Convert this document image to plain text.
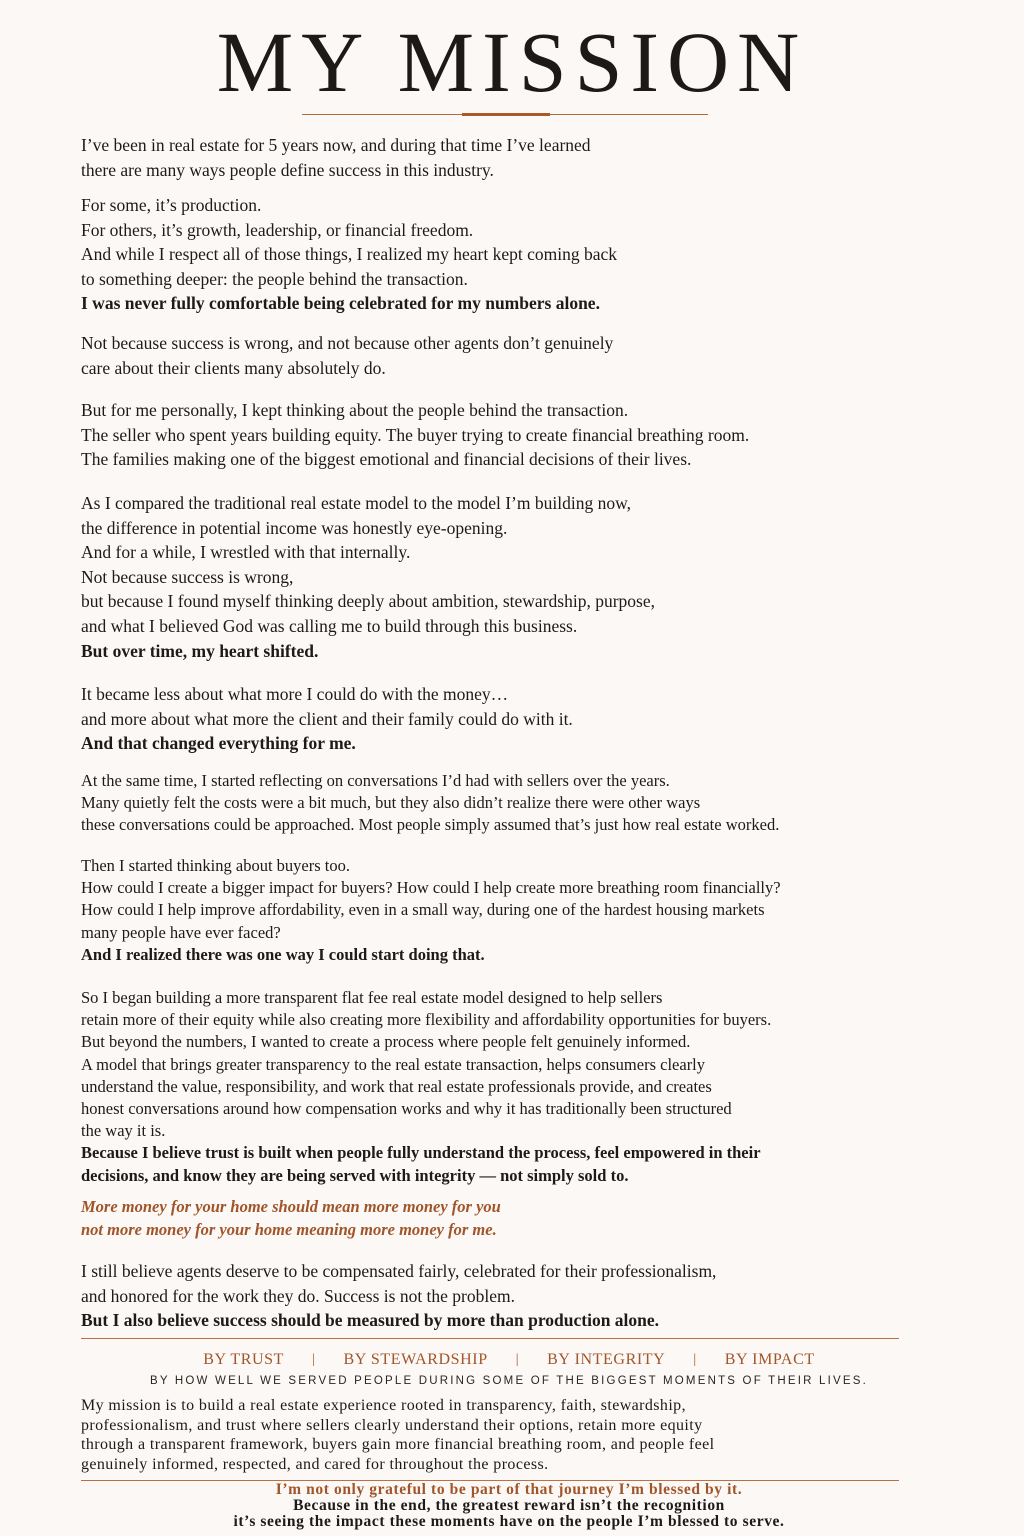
MY MISSION

I’ve been in real estate for 5 years now, and during that time I’ve learned
there are many ways people define success in this industry.

For some, it’s production.
For others, it’s growth, leadership, or financial freedom.
And while I respect all of those things, I realized my heart kept coming back
to something deeper: the people behind the transaction.
I was never fully comfortable being celebrated for my numbers alone.

Not because success is wrong, and not because other agents don’t genuinely
care about their clients many absolutely do.

But for me personally, I kept thinking about the people behind the transaction.
The seller who spent years building equity. The buyer trying to create financial breathing room.
The families making one of the biggest emotional and financial decisions of their lives.

As I compared the traditional real estate model to the model I’m building now,
the difference in potential income was honestly eye-opening.
And for a while, I wrestled with that internally.
Not because success is wrong,
but because I found myself thinking deeply about ambition, stewardship, purpose,
and what I believed God was calling me to build through this business.
But over time, my heart shifted.

It became less about what more I could do with the money…
and more about what more the client and their family could do with it.
And that changed everything for me.

At the same time, I started reflecting on conversations I’d had with sellers over the years.
Many quietly felt the costs were a bit much, but they also didn’t realize there were other ways
these conversations could be approached. Most people simply assumed that’s just how real estate worked.

Then I started thinking about buyers too.
How could I create a bigger impact for buyers? How could I help create more breathing room financially?
How could I help improve affordability, even in a small way, during one of the hardest housing markets
many people have ever faced?
And I realized there was one way I could start doing that.

So I began building a more transparent flat fee real estate model designed to help sellers
retain more of their equity while also creating more flexibility and affordability opportunities for buyers.
But beyond the numbers, I wanted to create a process where people felt genuinely informed.
A model that brings greater transparency to the real estate transaction, helps consumers clearly
understand the value, responsibility, and work that real estate professionals provide, and creates
honest conversations around how compensation works and why it has traditionally been structured
the way it is.
Because I believe trust is built when people fully understand the process, feel empowered in their
decisions, and know they are being served with integrity — not simply sold to.

More money for your home should mean more money for you
not more money for your home meaning more money for me.

I still believe agents deserve to be compensated fairly, celebrated for their professionalism,
and honored for the work they do. Success is not the problem.
But I also believe success should be measured by more than production alone.

BY TRUST	|	BY STEWARDSHIP	|	BY INTEGRITY	|	BY IMPACT
BY HOW WELL WE SERVED PEOPLE DURING SOME OF THE BIGGEST MOMENTS OF THEIR LIVES.

My mission is to build a real estate experience rooted in transparency, faith, stewardship,
professionalism, and trust where sellers clearly understand their options, retain more equity
through a transparent framework, buyers gain more financial breathing room, and people feel
genuinely informed, respected, and cared for throughout the process.

I’m not only grateful to be part of that journey I’m blessed by it.
Because in the end, the greatest reward isn’t the recognition
it’s seeing the impact these moments have on the people I’m blessed to serve.
